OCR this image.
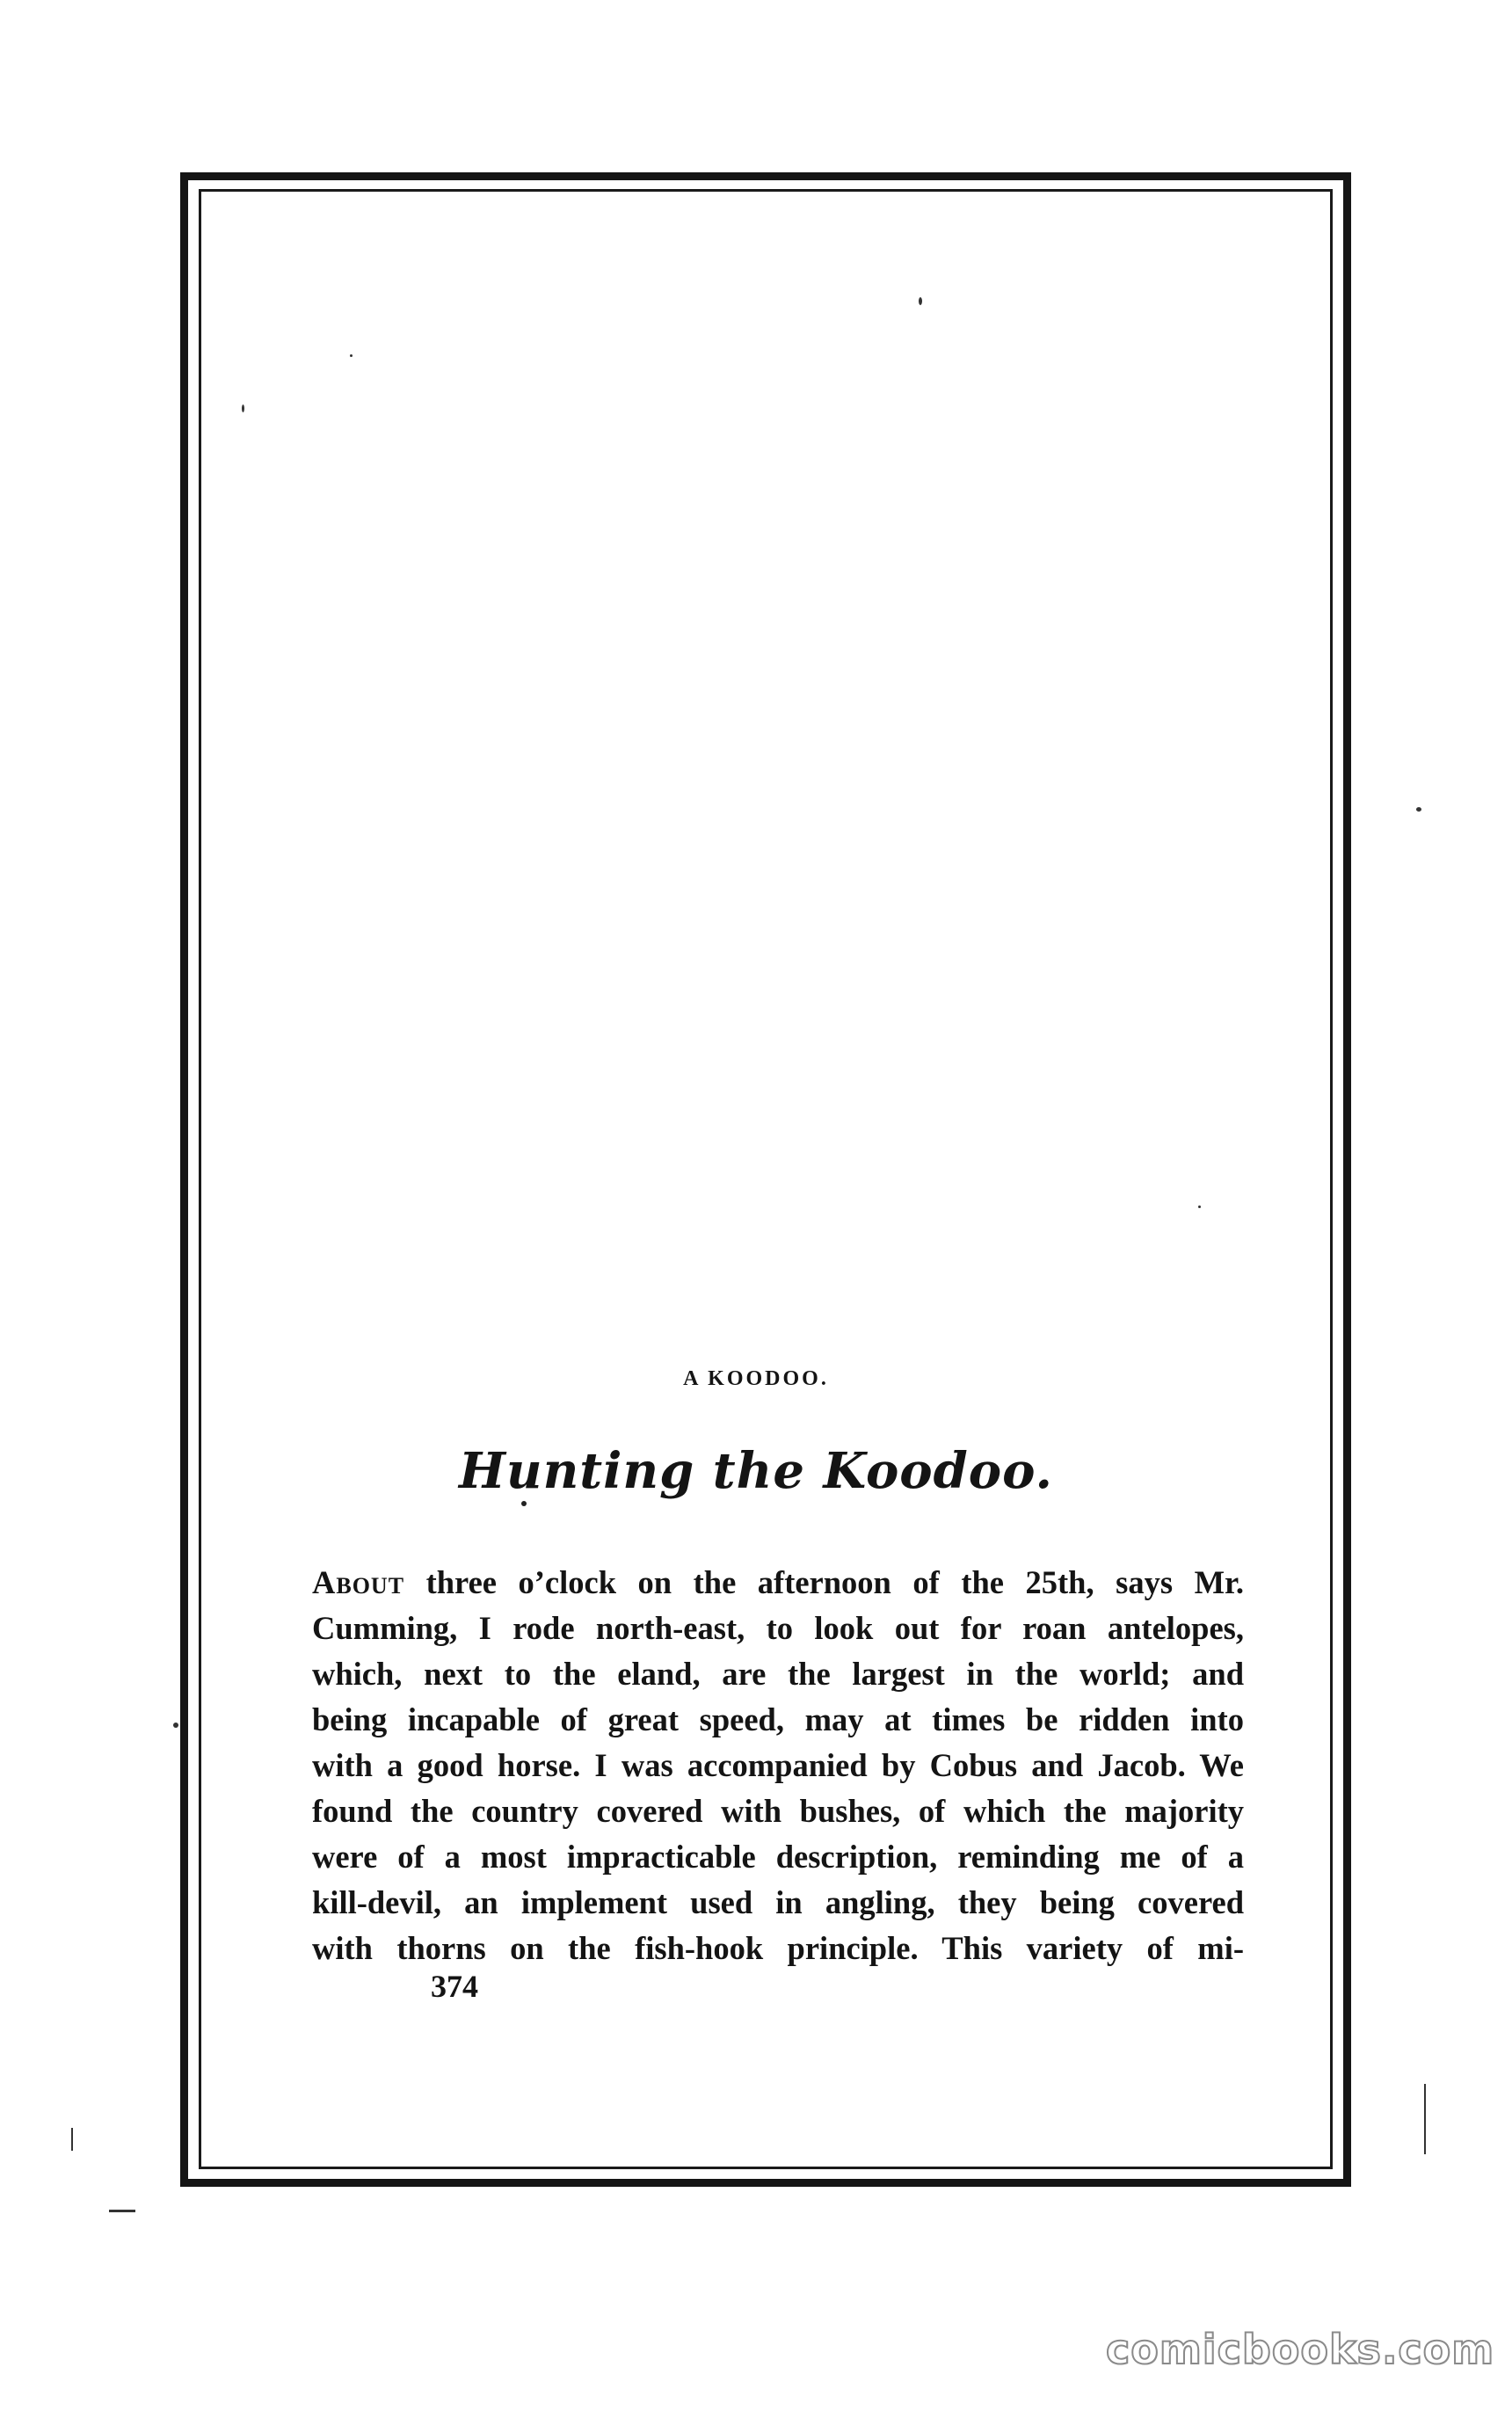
A KOODOO.
Hunting the Koodoo.
About three o’clock on the afternoon of the 25th, says Mr.
Cumming, I rode north-east, to look out for roan antelopes,
which, next to the eland, are the largest in the world; and
being incapable of great speed, may at times be ridden into
with a good horse. I was accompanied by Cobus and Jacob. We
found the country covered with bushes, of which the majority
were of a most impracticable description, reminding me of a
kill-devil, an implement used in angling, they being covered
with thorns on the fish-hook principle. This variety of mi-
374
comicbooks.com
